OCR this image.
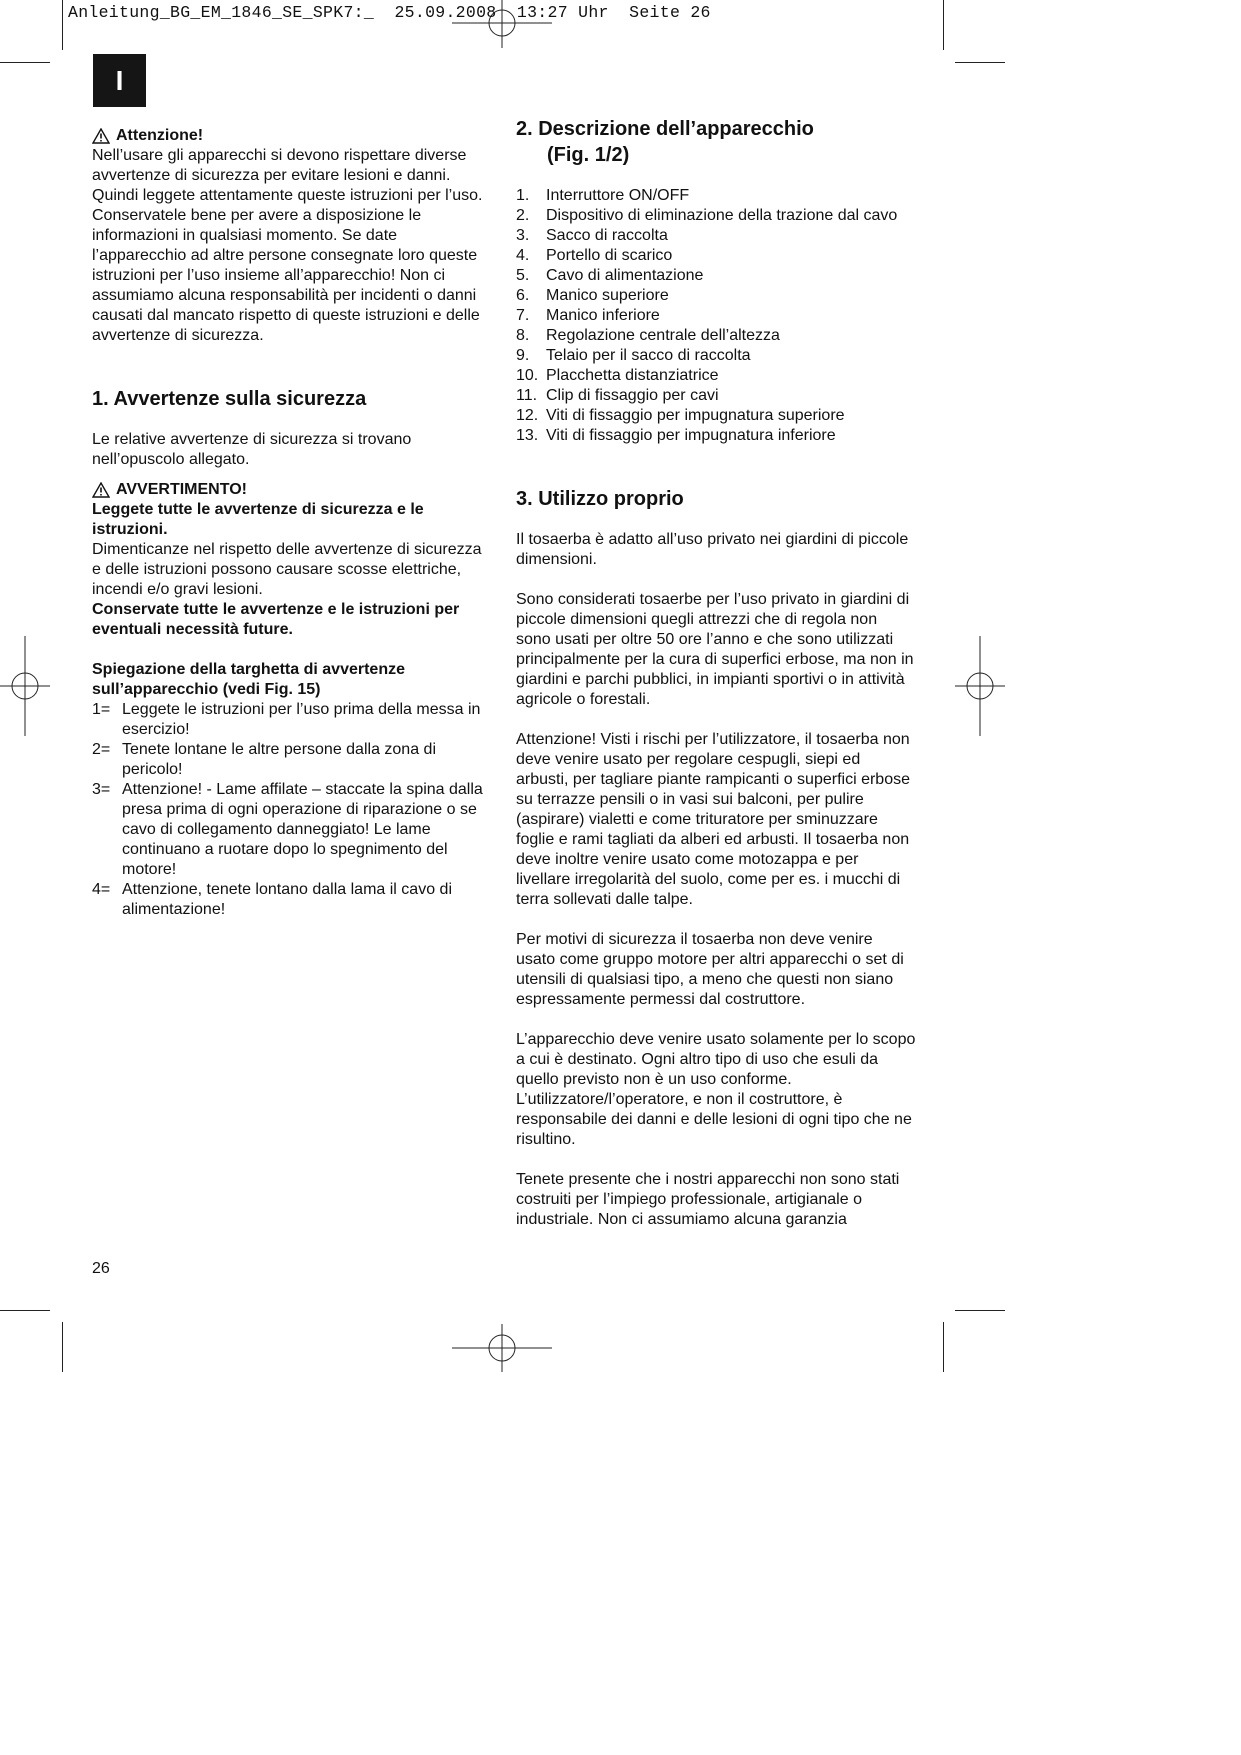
Anleitung_BG_EM_1846_SE_SPK7:_ 25.09.2008 13:27 Uhr Seite 26
I
Attenzione!

Nell’usare gli apparecchi si devono rispettare diverse avvertenze di sicurezza per evitare lesioni e danni. Quindi leggete attentamente queste istruzioni per l’uso. Conservatele bene per avere a disposizione le informazioni in qualsiasi momento. Se date l’apparecchio ad altre persone consegnate loro queste istruzioni per l’uso insieme all’apparecchio! Non ci assumiamo alcuna responsabilità per incidenti o danni causati dal mancato rispetto di queste istruzioni e delle avvertenze di sicurezza.

1. Avvertenze sulla sicurezza

Le relative avvertenze di sicurezza si trovano nell’opuscolo allegato.

AVVERTIMENTO!

Leggete tutte le avvertenze di sicurezza e le istruzioni.

Dimenticanze nel rispetto delle avvertenze di sicurezza e delle istruzioni possono causare scosse elettriche, incendi e/o gravi lesioni.

Conservate tutte le avvertenze e le istruzioni per eventuali necessità future.

Spiegazione della targhetta di avvertenze sull’apparecchio (vedi Fig. 15)

1= Leggete le istruzioni per l’uso prima della messa in esercizio!
2= Tenete lontane le altre persone dalla zona di pericolo!
3= Attenzione! - Lame affilate – staccate la spina dalla presa prima di ogni operazione di riparazione o se cavo di collegamento danneggiato! Le lame continuano a ruotare dopo lo spegnimento del motore!
4= Attenzione, tenete lontano dalla lama il cavo di alimentazione!
2. Descrizione dell’apparecchio
(Fig. 1/2)
1.	Interruttore ON/OFF
2.	Dispositivo di eliminazione della trazione dal cavo
3.	Sacco di raccolta
4.	Portello di scarico
5.	Cavo di alimentazione
6.	Manico superiore
7.	Manico inferiore
8.	Regolazione centrale dell’altezza
9.	Telaio per il sacco di raccolta
10. Placchetta distanziatrice
11. Clip di fissaggio per cavi
12. Viti di fissaggio per impugnatura superiore
13. Viti di fissaggio per impugnatura inferiore
3. Utilizzo proprio

Il tosaerba è adatto all’uso privato nei giardini di piccole dimensioni.

Sono considerati tosaerbe per l’uso privato in giardini di piccole dimensioni quegli attrezzi che di regola non sono usati per oltre 50 ore l’anno e che sono utilizzati principalmente per la cura di superfici erbose, ma non in giardini e parchi pubblici, in impianti sportivi o in attività agricole o forestali.

Attenzione! Visti i rischi per l’utilizzatore, il tosaerba non deve venire usato per regolare cespugli, siepi ed arbusti, per tagliare piante rampicanti o superfici erbose su terrazze pensili o in vasi sui balconi, per pulire (aspirare) vialetti e come trituratore per sminuzzare foglie e rami tagliati da alberi ed arbusti. Il tosaerba non deve inoltre venire usato come motozappa e per livellare irregolarità del suolo, come per es. i mucchi di terra sollevati dalle talpe.

Per motivi di sicurezza il tosaerba non deve venire usato come gruppo motore per altri apparecchi o set di utensili di qualsiasi tipo, a meno che questi non siano espressamente permessi dal costruttore.

L’apparecchio deve venire usato solamente per lo scopo a cui è destinato. Ogni altro tipo di uso che esuli da quello previsto non è un uso conforme. L’utilizzatore/l’operatore, e non il costruttore, è responsabile dei danni e delle lesioni di ogni tipo che ne risultino.

Tenete presente che i nostri apparecchi non sono stati costruiti per l’impiego professionale, artigianale o industriale. Non ci assumiamo alcuna garanzia

26
